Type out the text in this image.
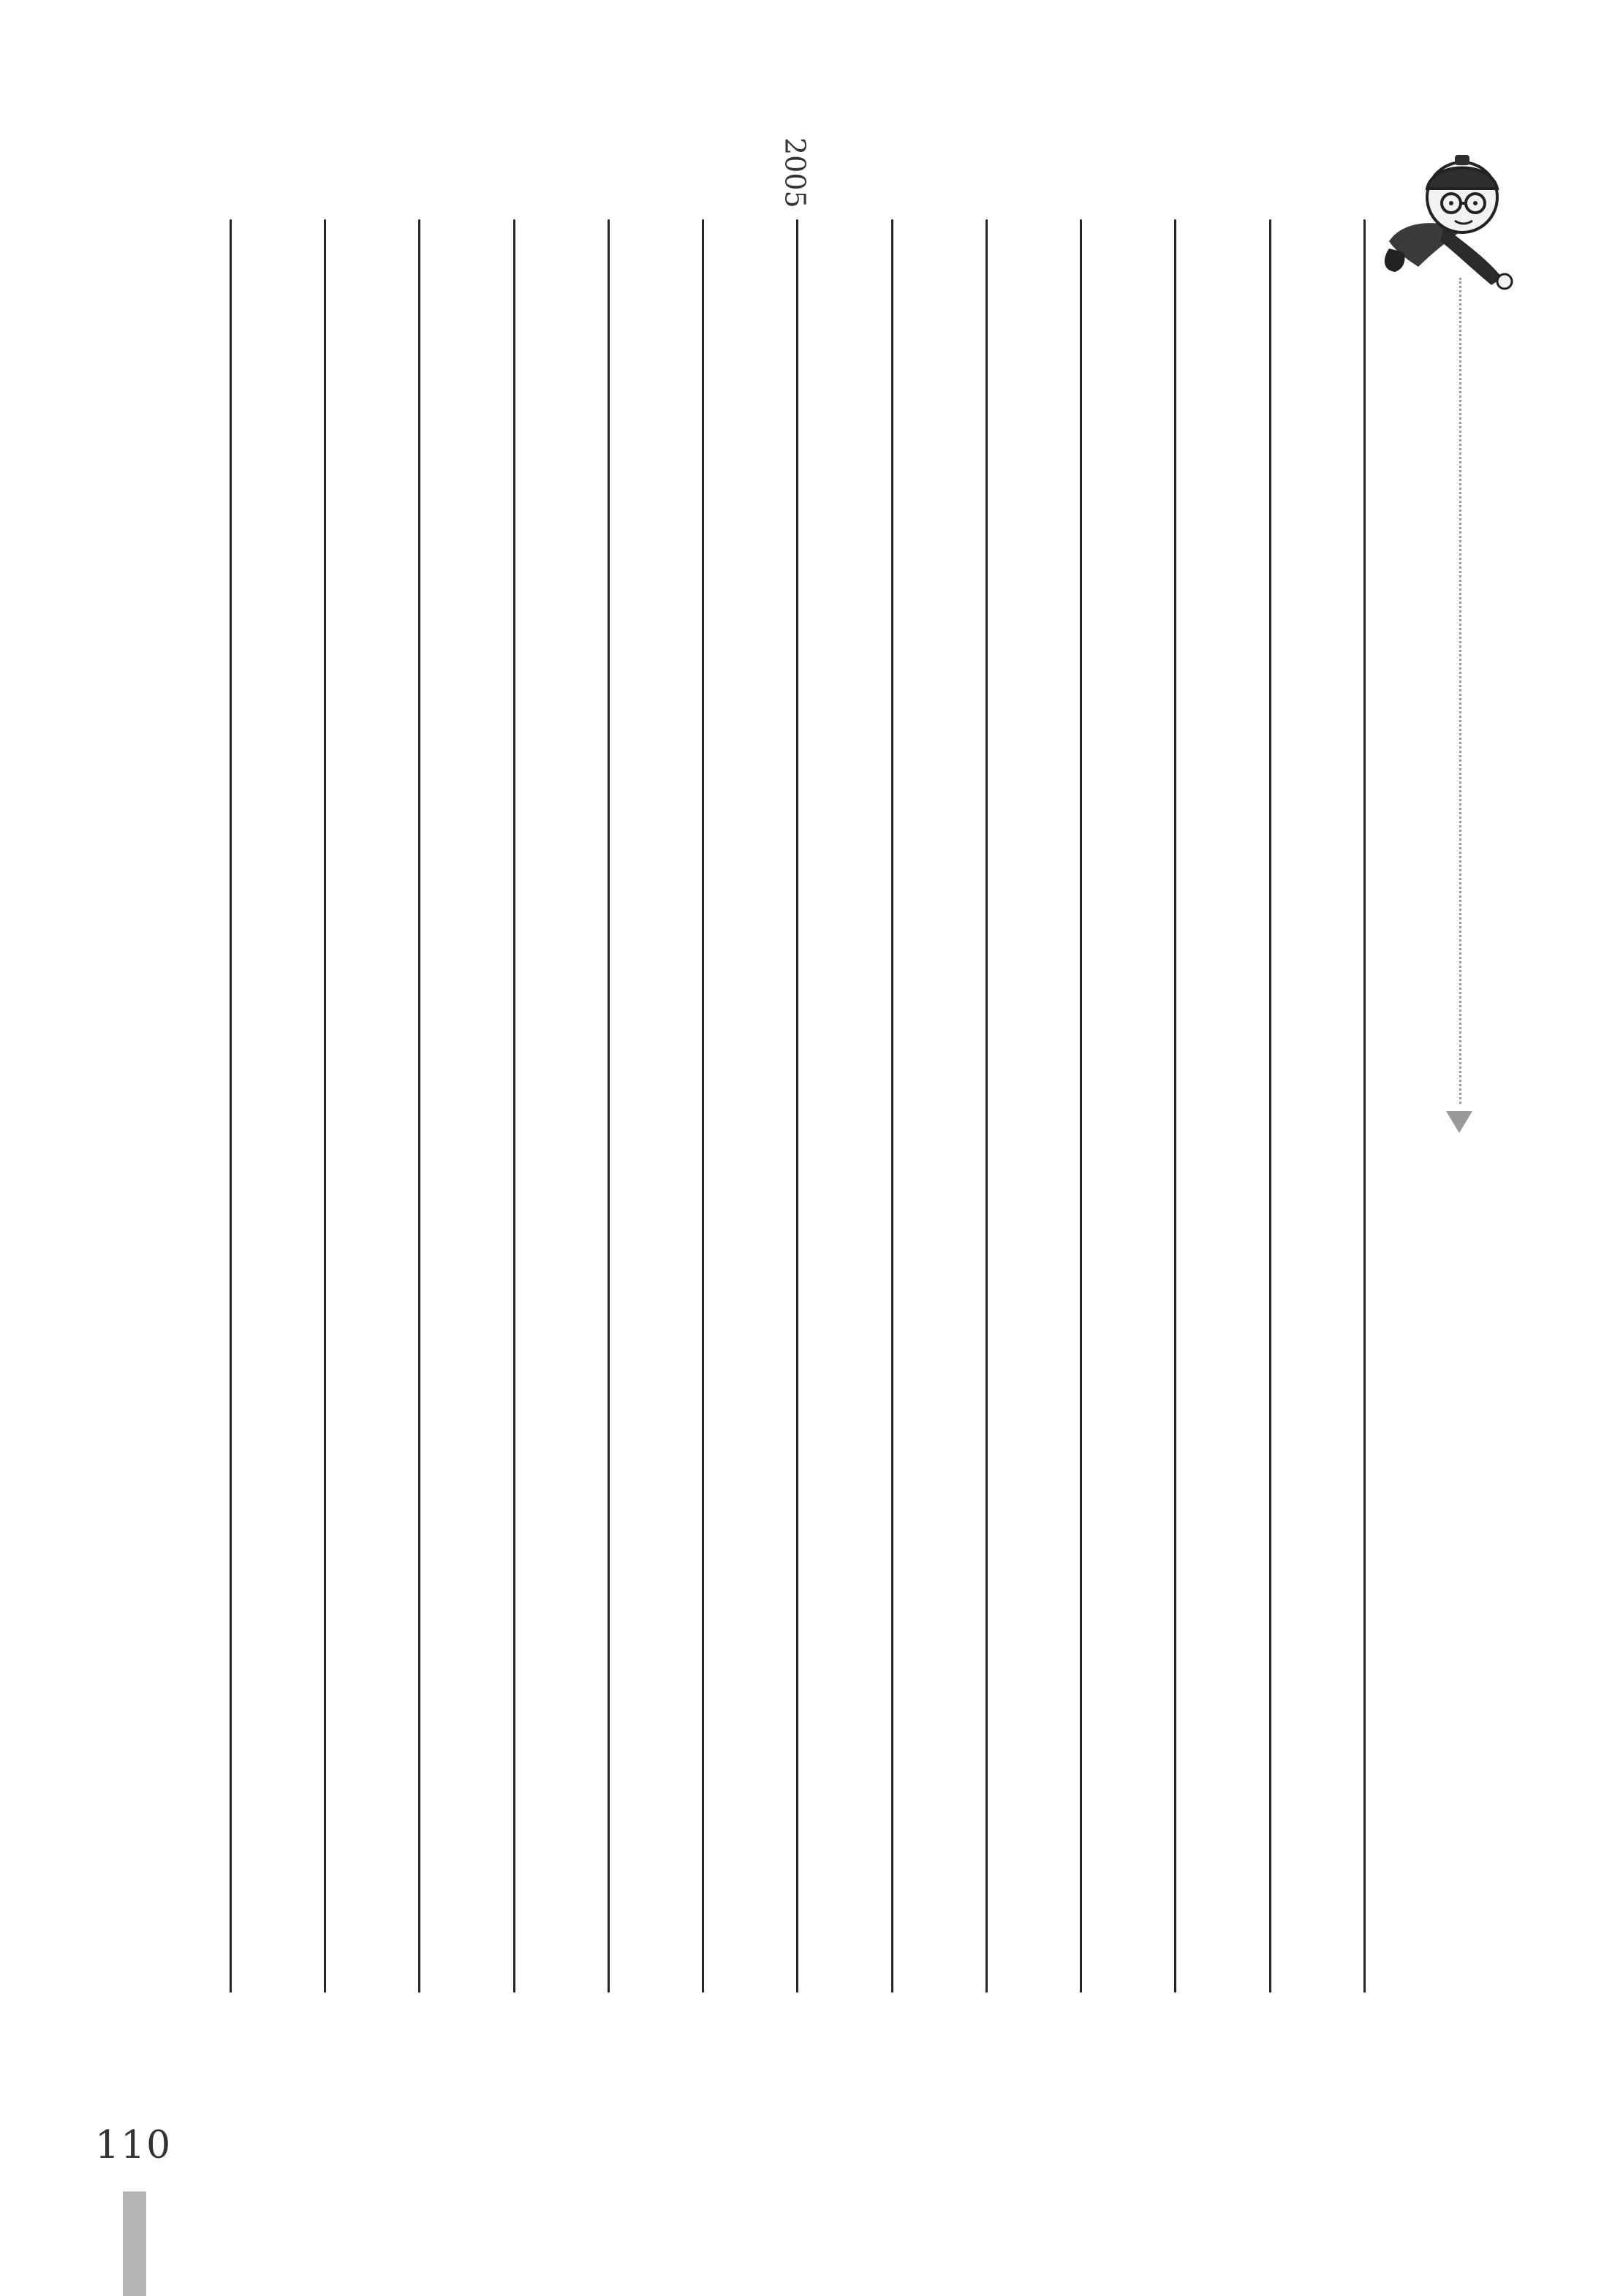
2005
110
